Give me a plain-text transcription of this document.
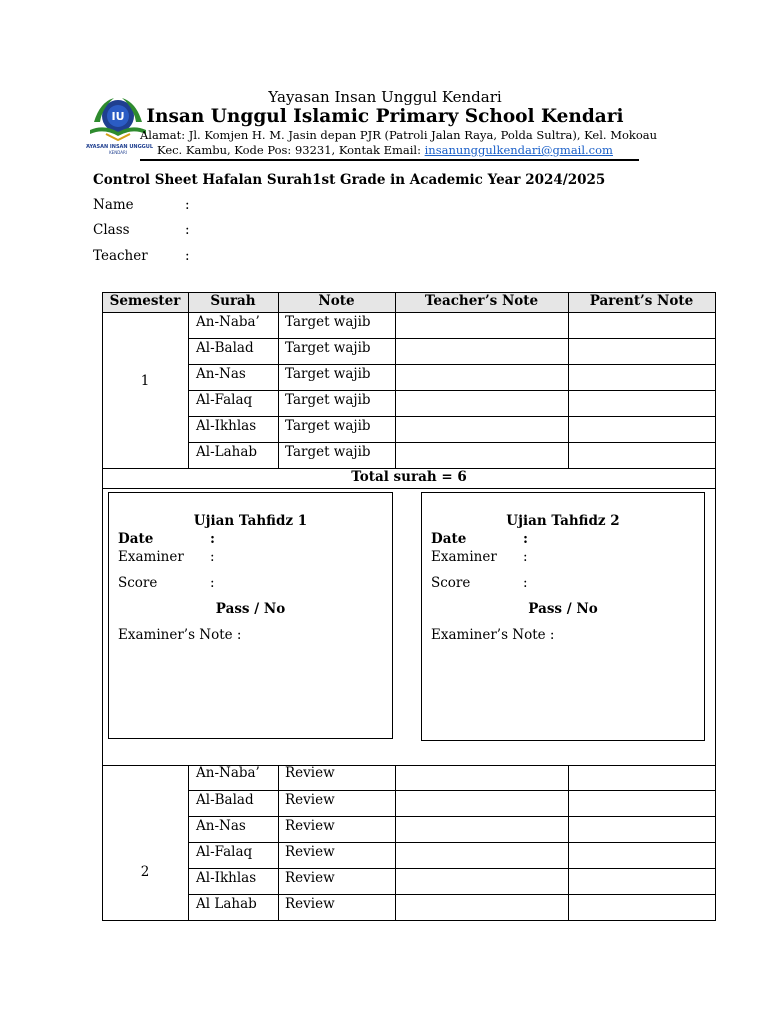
IU
YAYASAN INSAN UNGGUL
KENDARI
Yayasan Insan Unggul Kendari
Insan Unggul Islamic Primary School Kendari
Alamat: Jl. Komjen H. M. Jasin depan PJR (Patroli Jalan Raya, Polda Sultra), Kel. Mokoau
Kec. Kambu, Kode Pos: 93231, Kontak Email: insanunggulkendari@gmail.com
Control Sheet Hafalan Surah1st Grade in Academic Year 2024/2025
Name	:
Class	:
Teacher	:
Semester	Surah	Note	Teacher’s Note	Parent’s Note
1
An-Naba’ Target wajib
Al-Balad Target wajib
An-Nas	Target wajib
Al-Falaq Target wajib
Al-Ikhlas Target wajib
Al-Lahab Target wajib
Total surah = 6
Ujian Tahfidz 1
Date	:
Examiner :
Score	:
Pass / No
Examiner’s Note :
Ujian Tahfidz 2
Date	:
Examiner :
Score	:
Pass / No
Examiner’s Note :
2
An-Naba’ Review
Al-Balad Review
An-Nas	Review
Al-Falaq Review
Al-Ikhlas Review
Al Lahab Review
